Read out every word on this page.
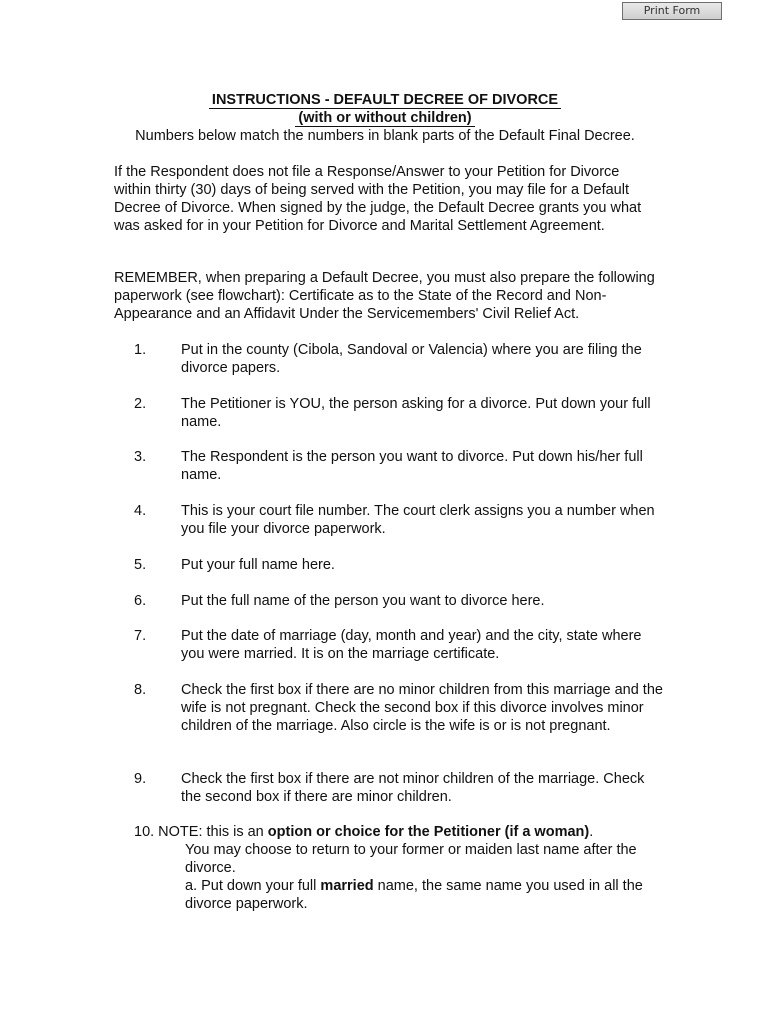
Print Form
INSTRUCTIONS - DEFAULT DECREE OF DIVORCE
(with or without children)
Numbers below match the numbers in blank parts of the Default Final Decree.

If the Respondent does not file a Response/Answer to your Petition for Divorce within thirty (30) days of being served with the Petition, you may file for a Default Decree of Divorce. When signed by the judge, the Default Decree grants you what was asked for in your Petition for Divorce and Marital Settlement Agreement.

REMEMBER, when preparing a Default Decree, you must also prepare the following paperwork (see flowchart): Certificate as to the State of the Record and Non-Appearance and an Affidavit Under the Servicemembers' Civil Relief Act.

1. Put in the county (Cibola, Sandoval or Valencia) where you are filing the divorce papers.
2. The Petitioner is YOU, the person asking for a divorce. Put down your full name.
3. The Respondent is the person you want to divorce. Put down his/her full name.
4. This is your court file number. The court clerk assigns you a number when you file your divorce paperwork.
5. Put your full name here.
6. Put the full name of the person you want to divorce here.
7. Put the date of marriage (day, month and year) and the city, state where you were married. It is on the marriage certificate.
8. Check the first box if there are no minor children from this marriage and the wife is not pregnant. Check the second box if this divorce involves minor children of the marriage. Also circle is the wife is or is not pregnant.
9. Check the first box if there are not minor children of the marriage. Check the second box if there are minor children.
10. NOTE: this is an option or choice for the Petitioner (if a woman).
You may choose to return to your former or maiden last name after the divorce.
a. Put down your full married name, the same name you used in all the divorce paperwork.
